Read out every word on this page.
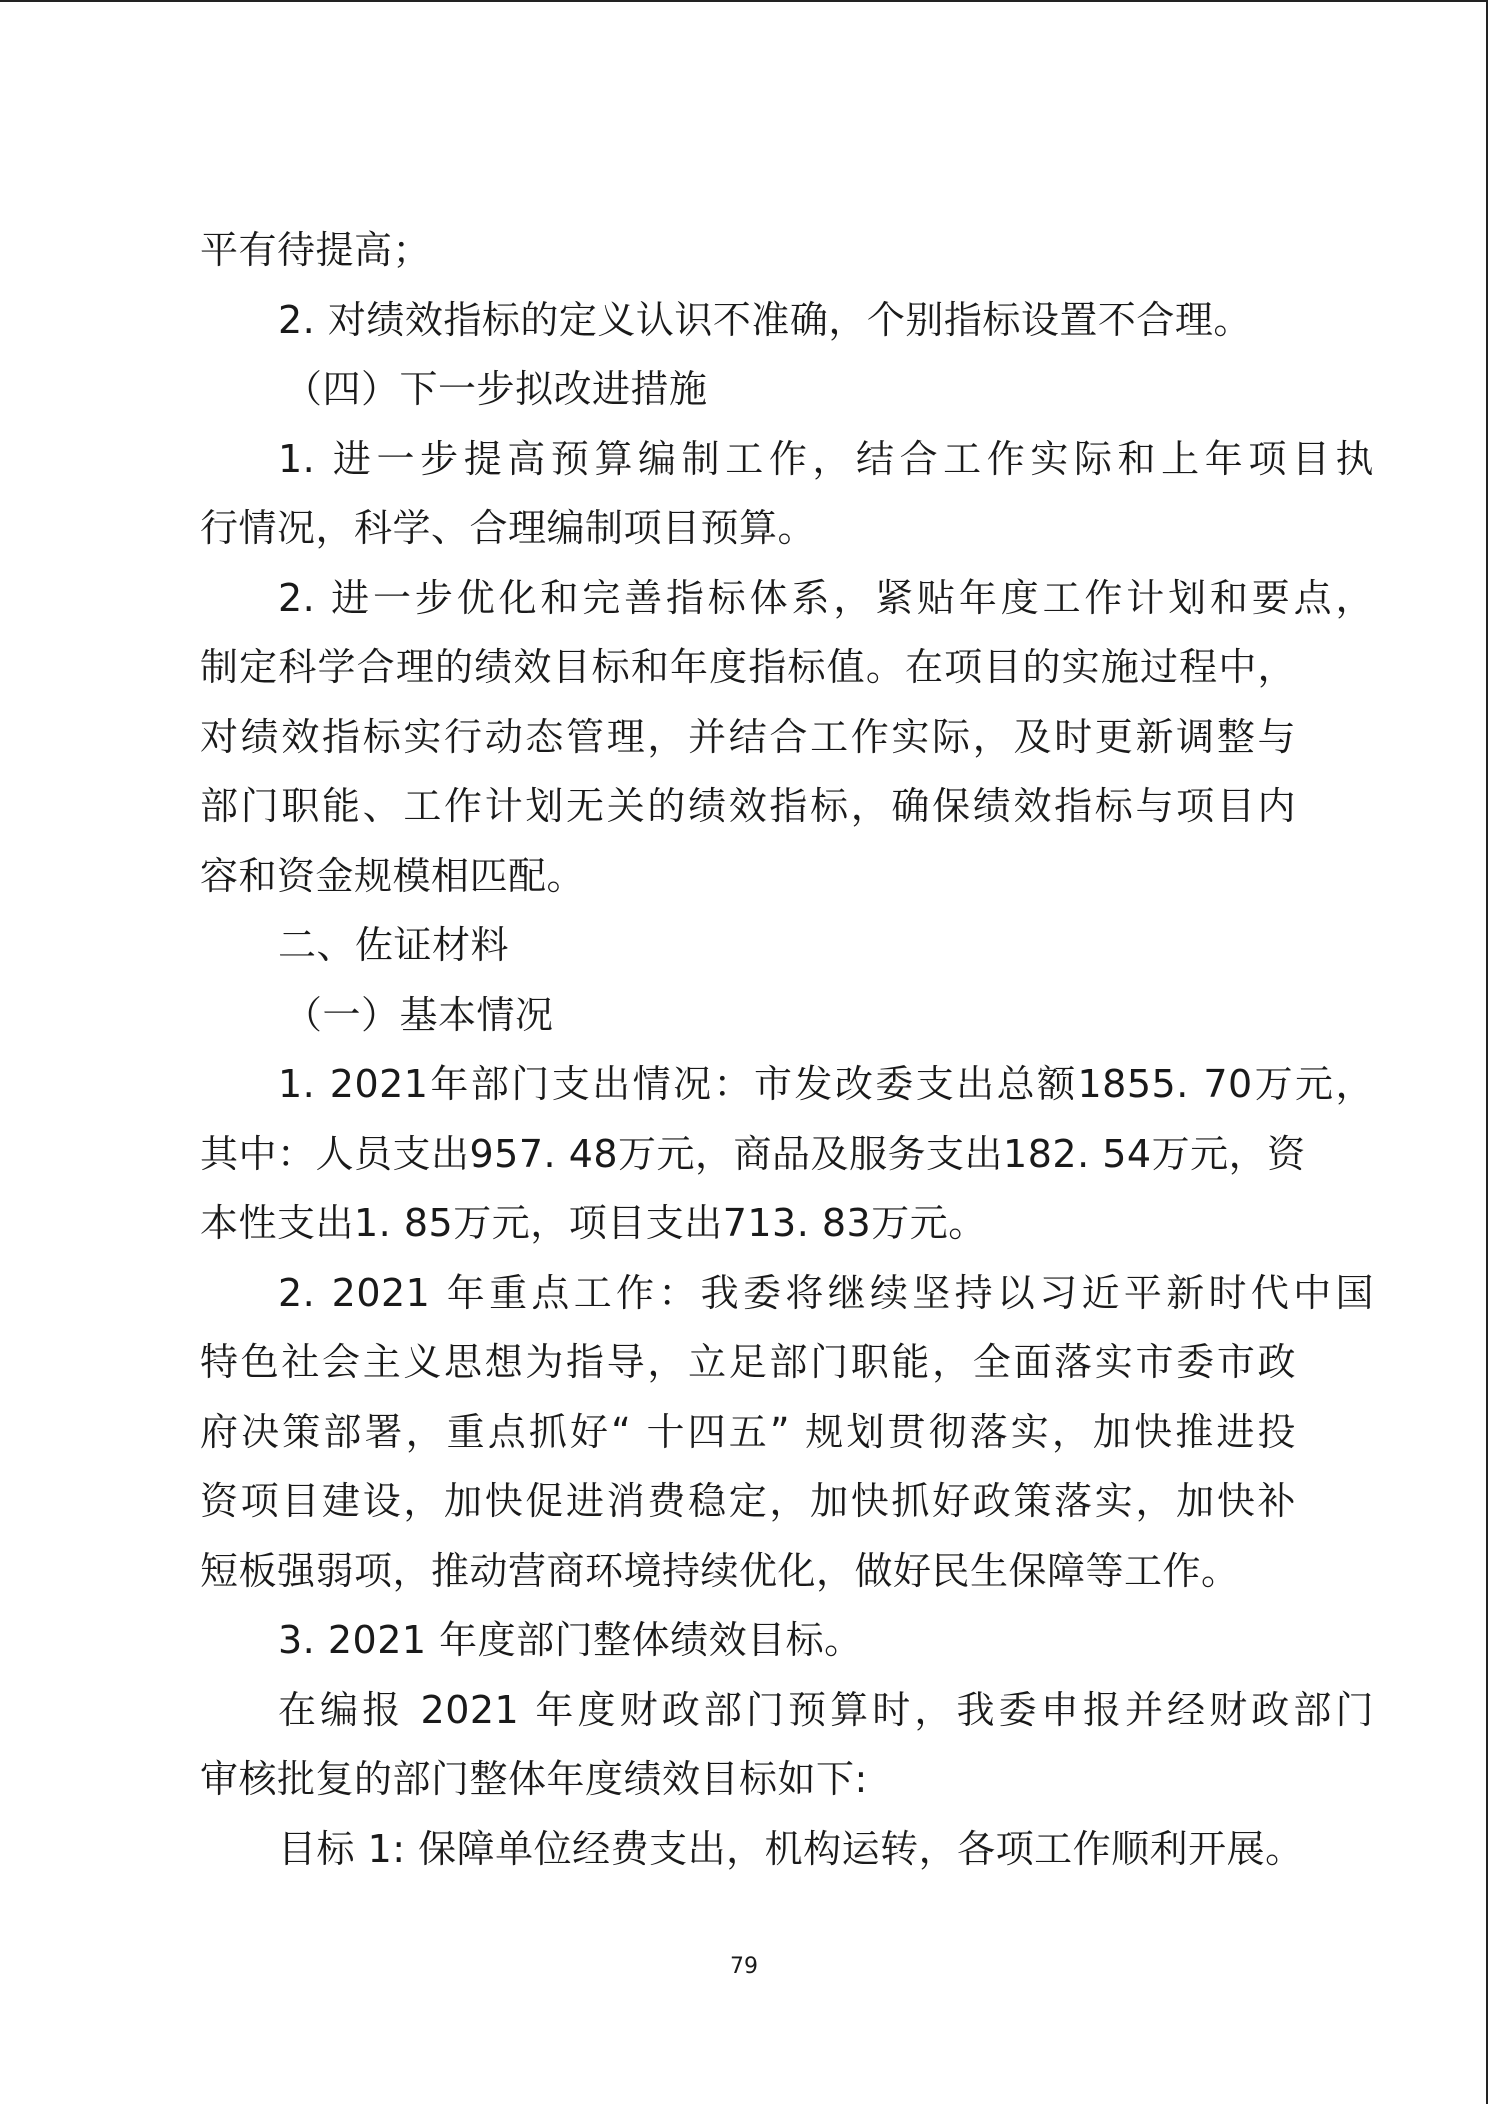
平有待提高；
2. 对绩效指标的定义认识不准确，个别指标设置不合理。
（四）下一步拟改进措施
1. 进一步提高预算编制工作，结合工作实际和上年项目执
行情况，科学、合理编制项目预算。
2. 进一步优化和完善指标体系，紧贴年度工作计划和要点，
制定科学合理的绩效目标和年度指标值。在项目的实施过程中，
对绩效指标实行动态管理，并结合工作实际，及时更新调整与
部门职能、工作计划无关的绩效指标，确保绩效指标与项目内
容和资金规模相匹配。
二、佐证材料
（一）基本情况
1. 2021年部门支出情况：市发改委支出总额1855. 70万元，
其中：人员支出957. 48万元，商品及服务支出182. 54万元，资
本性支出1. 85万元，项目支出713. 83万元。
2. 2021 年重点工作：我委将继续坚持以习近平新时代中国
特色社会主义思想为指导，立足部门职能，全面落实市委市政
府决策部署，重点抓好“ 十四五” 规划贯彻落实，加快推进投
资项目建设，加快促进消费稳定，加快抓好政策落实，加快补
短板强弱项，推动营商环境持续优化，做好民生保障等工作。
3. 2021 年度部门整体绩效目标。
在编报 2021 年度财政部门预算时，我委申报并经财政部门
审核批复的部门整体年度绩效目标如下:
目标 1: 保障单位经费支出，机构运转，各项工作顺利开展。
79
